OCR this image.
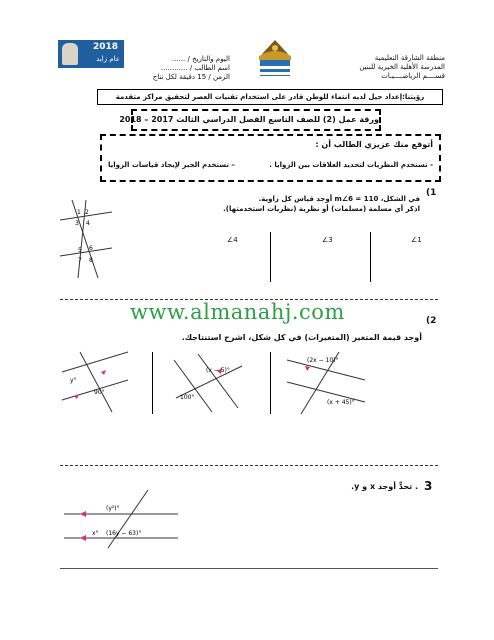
2018
عام زايد	اليوم والتاريخ / ......
اسم الطالب / ............
الزمن / 15 دقيقة لكل نتاج
منطقة الشارقة التعليمية
المدرسة الأهلية الخيرية للبنين
قســــم الرياضــــيـات
رؤيتنا:إعداد جيل لديه انتماء للوطن قادر على استخدام تقنيات العصر لتحقيق مراكز متقدمة
ورقة عمل (2) للصف التاسع الفصل الدراسي الثالث 2017 – 2018
أتوقع منك عزيزي الطالب أن :
- تستخدم النظريات لتحديد العلاقات بين الزوايا .
– تستخدم الجبر لإيجاد قياسات الزوايا
(1
في الشكل، m∠6 = 110 أوجد قياس كل زاوية.
اذكر أي مسلمة (مسلمات) أو نظرية (نظريات استخدمتها).
1 2
3 4
5 6
7 8
∠1
∠3
∠4
www.almanahj.com	(2
أوجد قيمة المتغير (المتغيرات) في كل شكل، اشرح استنتاجك.
y°
90°
(x − 5)°
100°
(2x − 10)°
(x + 45)°
3
. تحدٍّ أوجد x و y.
(y²)°
x° (16y − 63)°
